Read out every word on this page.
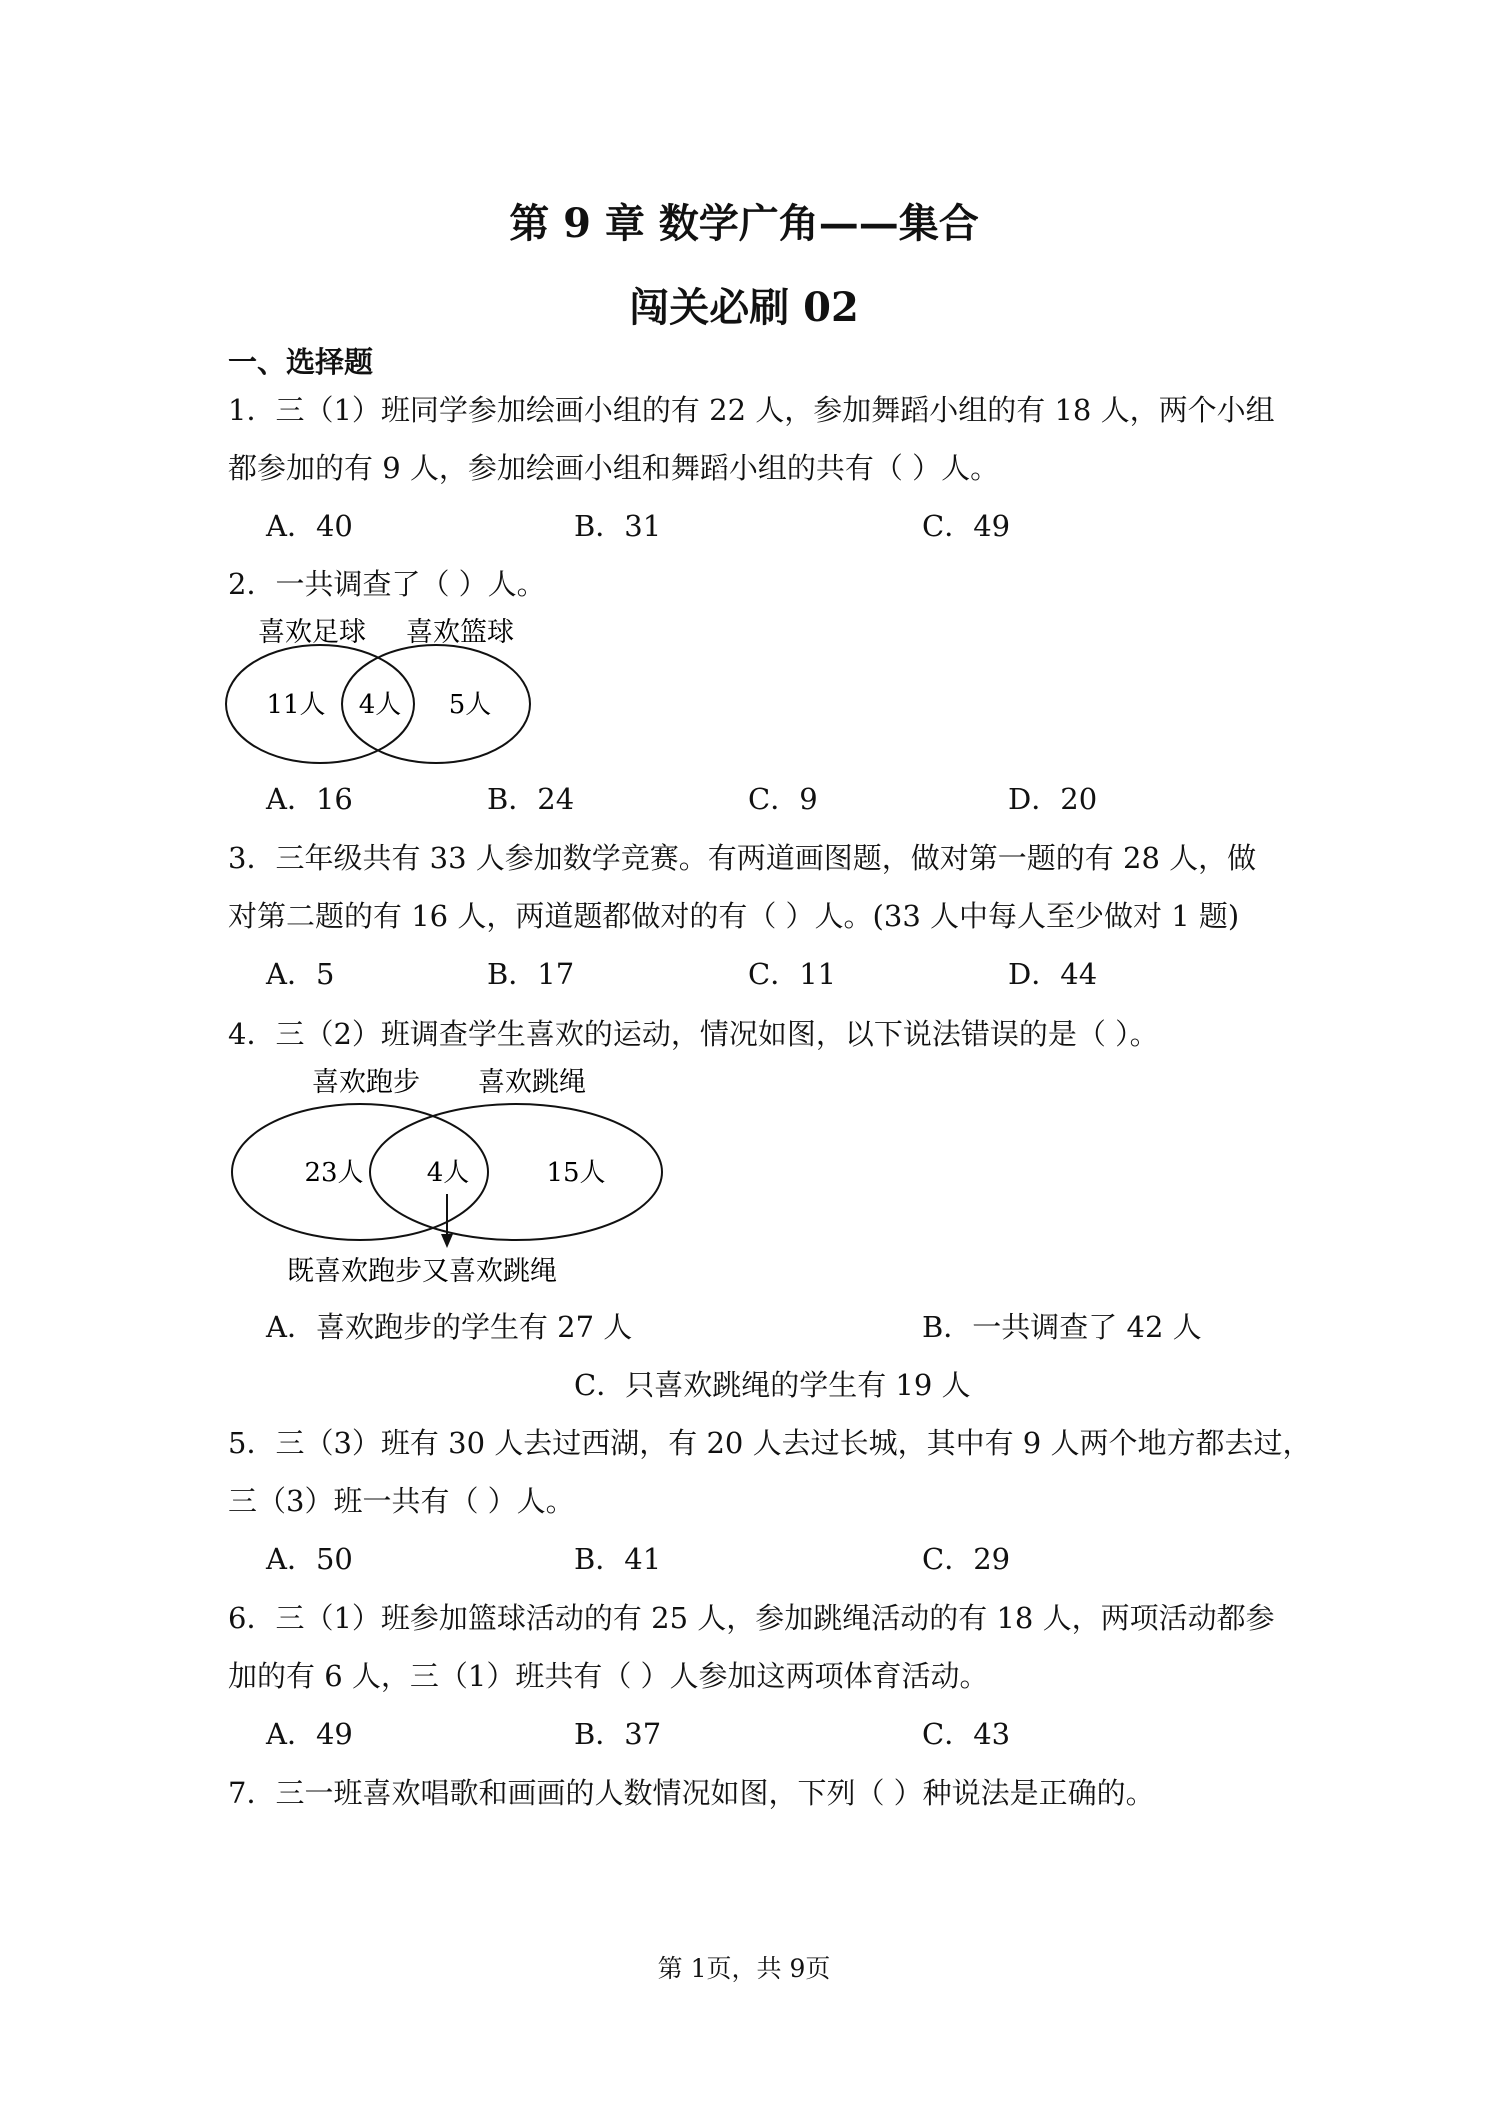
第 9 章 数学广角——集合
闯关必刷 02
一、选择题
1．三（1）班同学参加绘画小组的有 22 人，参加舞蹈小组的有 18 人，两个小组
都参加的有 9 人，参加绘画小组和舞蹈小组的共有（ ）人。
A．40	B．31	C．49
2．一共调查了（ ）人。
喜欢足球 喜欢篮球
11人 4人 5人
A．16	B．24	C．9	D．20
3．三年级共有 33 人参加数学竞赛。有两道画图题，做对第一题的有 28 人，做
对第二题的有 16 人，两道题都做对的有（ ）人。(33 人中每人至少做对 1 题)
A．5	B．17	C．11	D．44
4．三（2）班调查学生喜欢的运动，情况如图，以下说法错误的是（ ）。
喜欢跑步 喜欢跳绳
23人 4人	15人
既喜欢跑步又喜欢跳绳
A．喜欢跑步的学生有 27 人	B．一共调查了 42 人
C．只喜欢跳绳的学生有 19 人
5．三（3）班有 30 人去过西湖，有 20 人去过长城，其中有 9 人两个地方都去过，
三（3）班一共有（ ）人。
A．50	B．41	C．29
6．三（1）班参加篮球活动的有 25 人，参加跳绳活动的有 18 人，两项活动都参
加的有 6 人，三（1）班共有（ ）人参加这两项体育活动。
A．49	B．37	C．43
7．三一班喜欢唱歌和画画的人数情况如图，下列（ ）种说法是正确的。
第 1页，共 9页
